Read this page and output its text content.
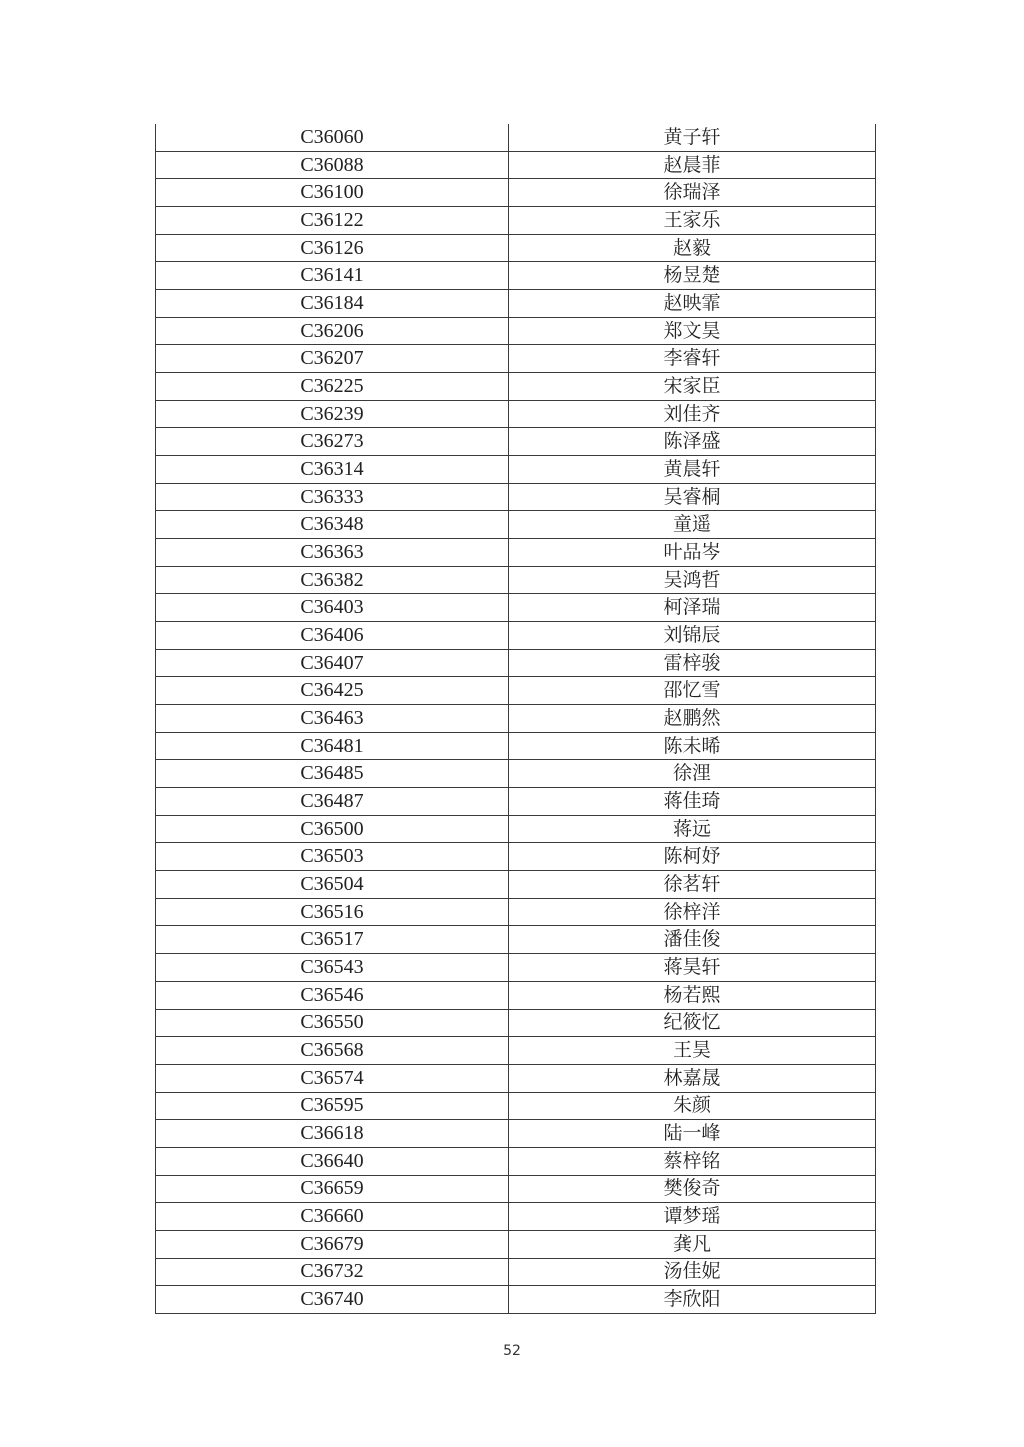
C36060	黄子轩
C36088	赵晨菲
C36100	徐瑞泽
C36122	王家乐
C36126	赵毅
C36141	杨昱楚
C36184	赵映霏
C36206	郑文昊
C36207	李睿轩
C36225	宋家臣
C36239	刘佳齐
C36273	陈泽盛
C36314	黄晨轩
C36333	吴睿桐
C36348	童遥
C36363	叶品岑
C36382	吴鸿哲
C36403	柯泽瑞
C36406	刘锦辰
C36407	雷梓骏
C36425	邵忆雪
C36463	赵鹏然
C36481	陈未晞
C36485	徐浬
C36487	蒋佳琦
C36500	蒋远
C36503	陈柯妤
C36504	徐茗轩
C36516	徐梓洋
C36517	潘佳俊
C36543	蒋昊轩
C36546	杨若熙
C36550	纪筱忆
C36568	王昊
C36574	林嘉晟
C36595	朱颜
C36618	陆一峰
C36640	蔡梓铭
C36659	樊俊奇
C36660	谭梦瑶
C36679	龚凡
C36732	汤佳妮
C36740	李欣阳
52
